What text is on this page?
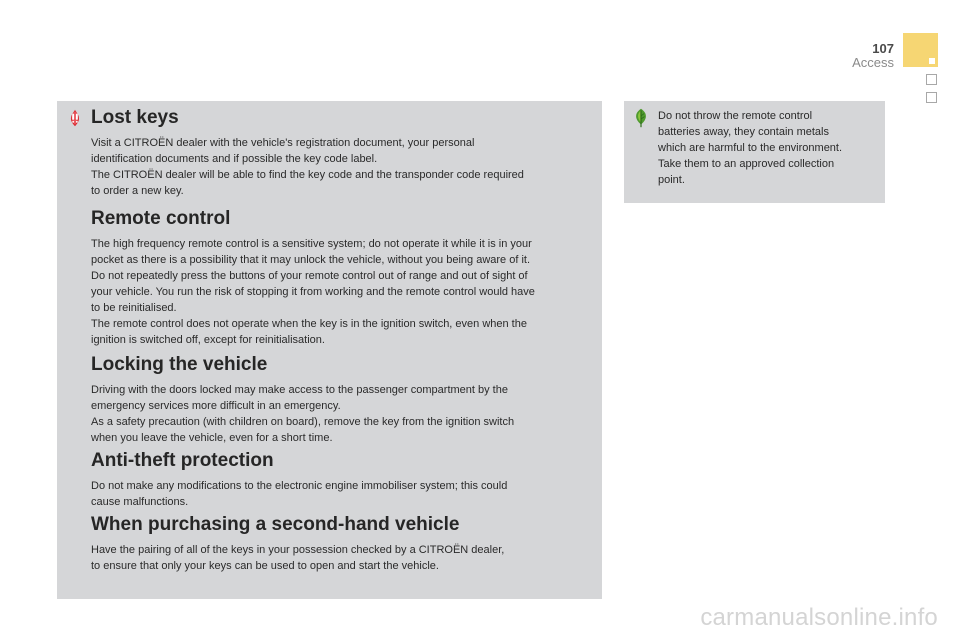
107
Access
Lost keys

Visit a CITROËN dealer with the vehicle's registration document, your personal
identification documents and if possible the key code label.
The CITROËN dealer will be able to find the key code and the transponder code required
to order a new key.

Remote control

The high frequency remote control is a sensitive system; do not operate it while it is in your
pocket as there is a possibility that it may unlock the vehicle, without you being aware of it.
Do not repeatedly press the buttons of your remote control out of range and out of sight of
your vehicle. You run the risk of stopping it from working and the remote control would have
to be reinitialised.
The remote control does not operate when the key is in the ignition switch, even when the
ignition is switched off, except for reinitialisation.

Locking the vehicle

Driving with the doors locked may make access to the passenger compartment by the
emergency services more difficult in an emergency.
As a safety precaution (with children on board), remove the key from the ignition switch
when you leave the vehicle, even for a short time.

Anti-theft protection

Do not make any modifications to the electronic engine immobiliser system; this could
cause malfunctions.

When purchasing a second-hand vehicle

Have the pairing of all of the keys in your possession checked by a CITROËN dealer,
to ensure that only your keys can be used to open and start the vehicle.

Do not throw the remote control
batteries away, they contain metals
which are harmful to the environment.
Take them to an approved collection
point.

carmanualsonline.info
